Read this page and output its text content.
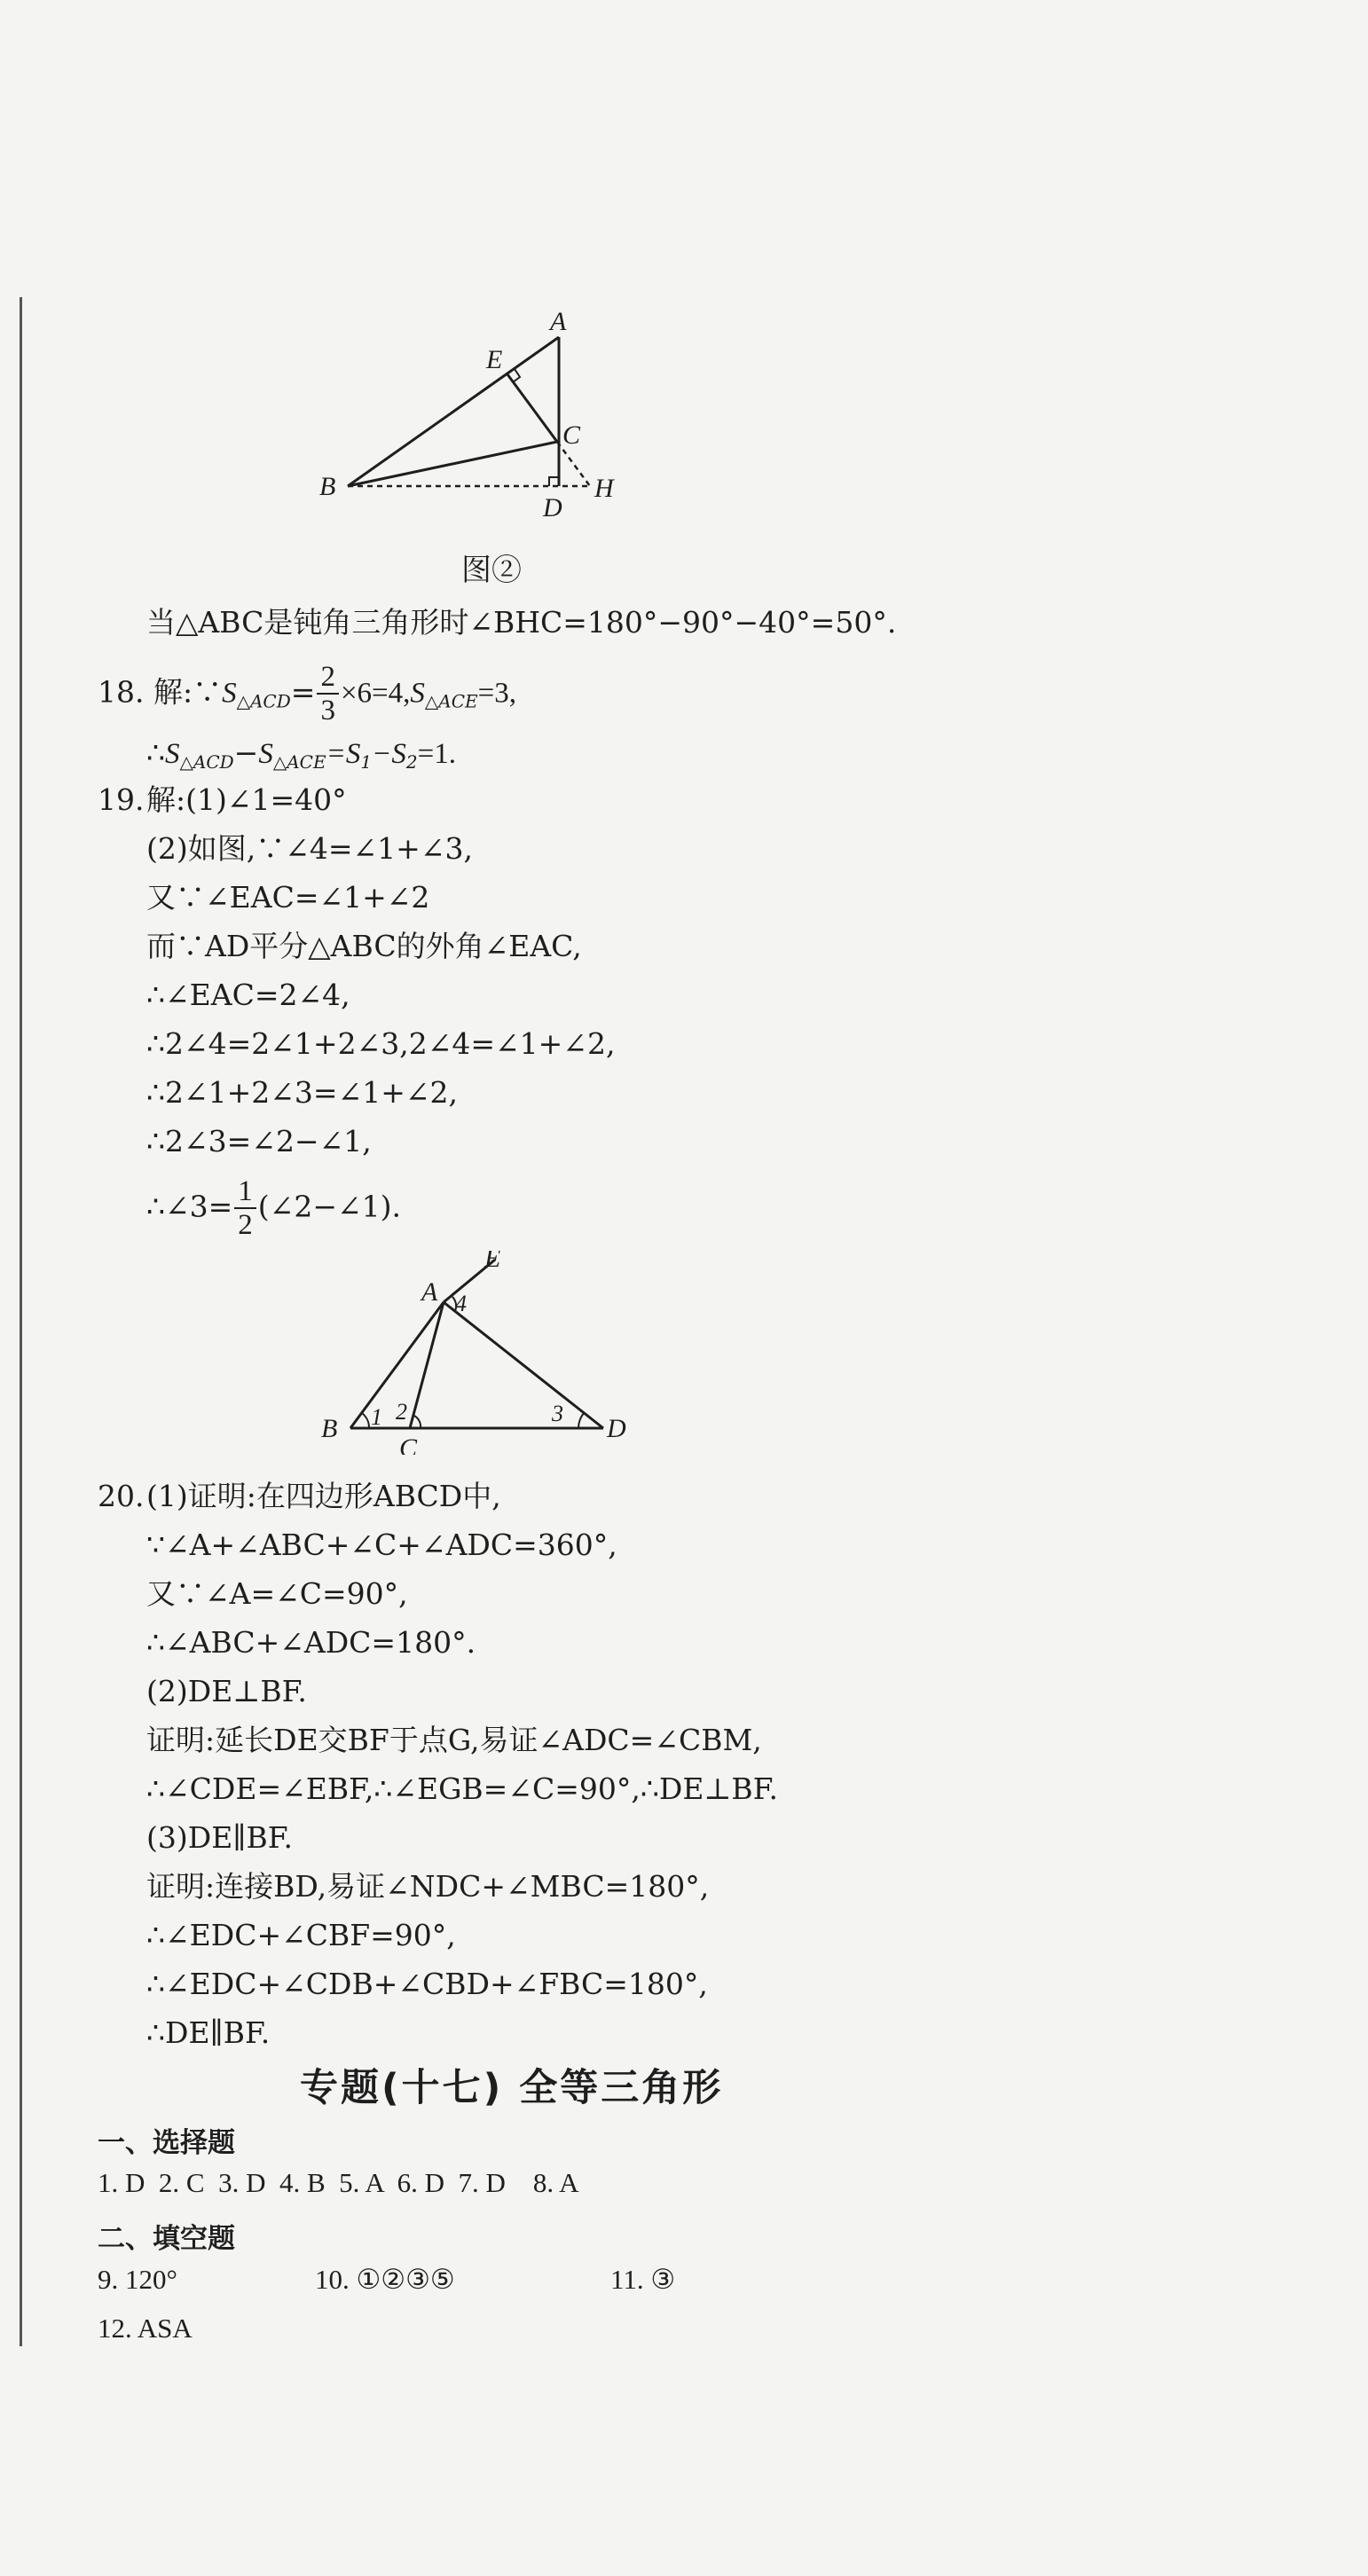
A
E
C
B
D
H
图②
当△ABC是钝角三角形时∠BHC=180°−90°−40°=50°.
18. 解$:\because S_{\triangle ACD}= \frac{2}{3} \times 6=4,S_{\triangle ACE}=3$,
$\therefore S_{\triangle ACD}-S_{\triangle ACE}=S_1-S_2=1$.
19. 解:(1)∠1=40°
(2)如图,∵∠4=∠1+∠3,
又∵∠EAC=∠1+∠2
而∵AD平分△ABC的外角∠EAC,
∴∠EAC=2∠4,
∴2∠4=2∠1+2∠3,2∠4=∠1+∠2,
∴2∠1+2∠3=∠1+∠2,
∴2∠3=∠2−∠1,
∴∠3= $\frac{1}{2}$ (∠2−∠1).
E
A 4
B 1 2
C
3
D
20. (1)证明:在四边形ABCD中,
∵∠A+∠ABC+∠C+∠ADC=360°,
又∵∠A=∠C=90°,
∴∠ABC+∠ADC=180°.
(2)DE⊥BF.
证明:延长DE交BF于点G,易证∠ADC=∠CBM,
∴∠CDE=∠EBF,∴∠EGB=∠C=90°,∴DE⊥BF.
(3)DE∥BF.
证明:连接BD,易证∠NDC+∠MBC=180°,
∴∠EDC+∠CBF=90°,
∴∠EDC+∠CDB+∠CBD+∠FBC=180°,
∴DE∥BF.
专题(十七) 全等三角形
一、选择题
1. D  2. C  3. D  4. B  5. A  6. D  7. D    8. A
二、填空题
9. 120°	10. ①②③⑤	11. ③
12. ASA
